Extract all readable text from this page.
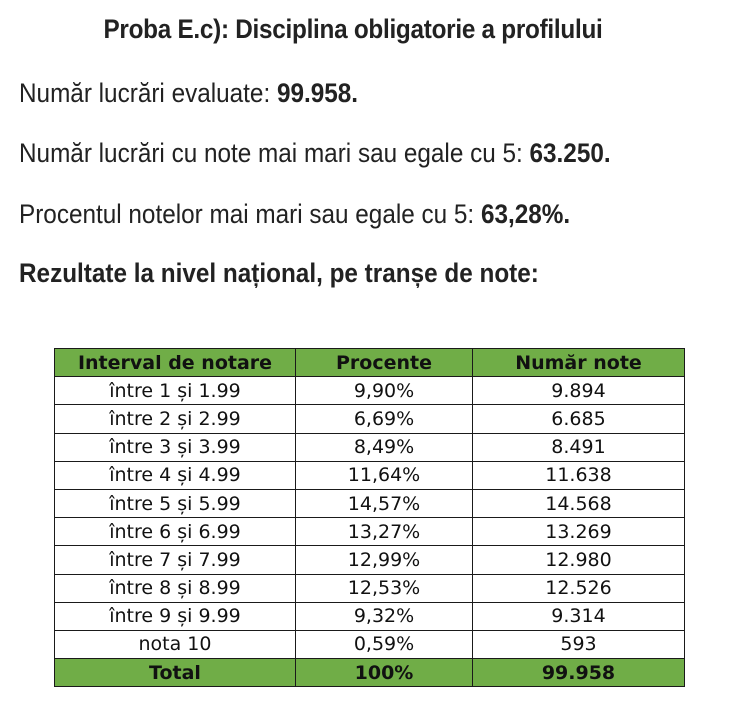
Proba E.c): Disciplina obligatorie a profilului
Număr lucrări evaluate: 99.958.
Număr lucrări cu note mai mari sau egale cu 5: 63.250.
Procentul notelor mai mari sau egale cu 5: 63,28%.
Rezultate la nivel național, pe tranșe de note:
Interval de notare	Procente	Număr note
între 1 și 1.99	9,90%	9.894
între 2 și 2.99	6,69%	6.685
între 3 și 3.99	8,49%	8.491
între 4 și 4.99	11,64%	11.638
între 5 și 5.99	14,57%	14.568
între 6 și 6.99	13,27%	13.269
între 7 și 7.99	12,99%	12.980
între 8 și 8.99	12,53%	12.526
între 9 și 9.99	9,32%	9.314
nota 10	0,59%	593
Total	100%	99.958
